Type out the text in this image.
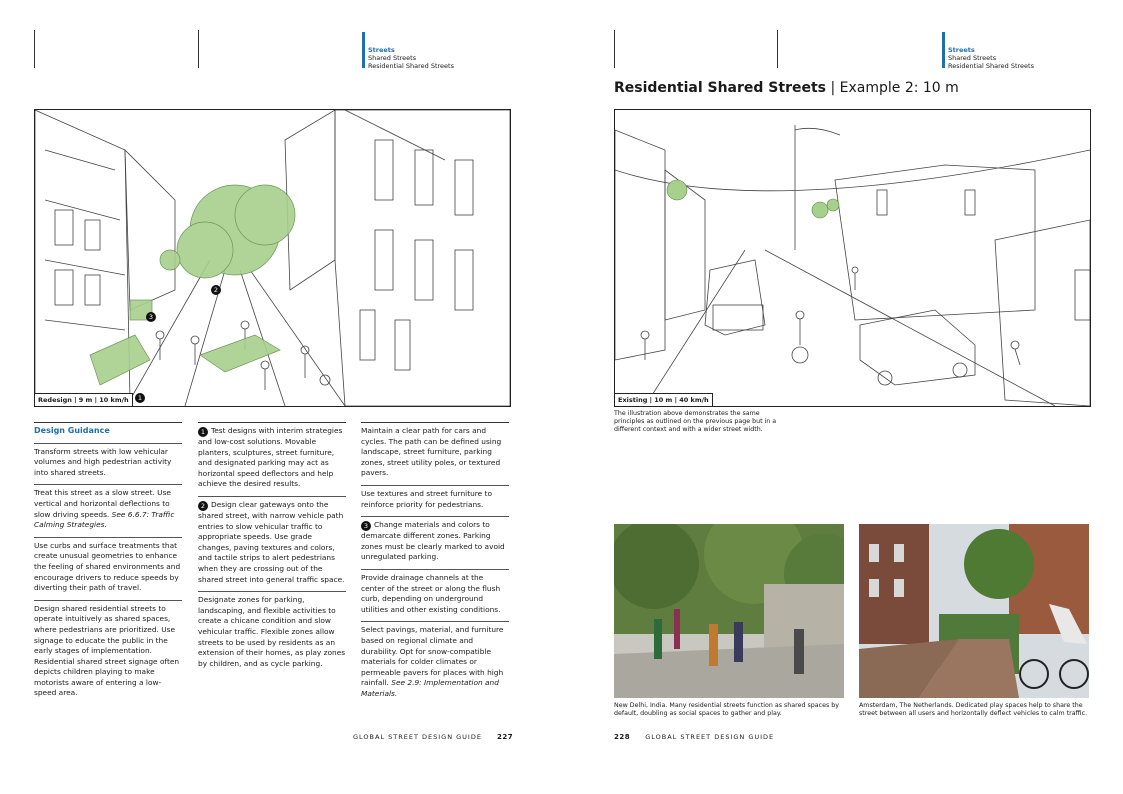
Streets
Shared Streets
Residential Shared Streets
2
3
1
Redesign | 9 m | 10 km/h
Design Guidance
Transform streets with low vehicular volumes and high pedestrian activity into shared streets.
Treat this street as a slow street. Use vertical and horizontal deflections to slow driving speeds. See 6.6.7: Traffic Calming Strategies.
Use curbs and surface treatments that create unusual geometries to enhance the feeling of shared environments and encourage drivers to reduce speeds by diverting their path of travel.
Design shared residential streets to operate intuitively as shared spaces, where pedestrians are prioritized. Use signage to educate the public in the early stages of implementation. Residential shared street signage often depicts children playing to make motorists aware of entering a low-speed area.
1 Test designs with interim strategies and low-cost solutions. Movable planters, sculptures, street furniture, and designated parking may act as horizontal speed deflectors and help achieve the desired results.
2 Design clear gateways onto the shared street, with narrow vehicle path entries to slow vehicular traffic to appropriate speeds. Use grade changes, paving textures and colors, and tactile strips to alert pedestrians when they are crossing out of the shared street into general traffic space.
Designate zones for parking, landscaping, and flexible activities to create a chicane condition and slow vehicular traffic. Flexible zones allow streets to be used by residents as an extension of their homes, as play zones by children, and as cycle parking.
Maintain a clear path for cars and cycles. The path can be defined using landscape, street furniture, parking zones, street utility poles, or textured pavers.
Use textures and street furniture to reinforce priority for pedestrians.
3 Change materials and colors to demarcate different zones. Parking zones must be clearly marked to avoid unregulated parking.
Provide drainage channels at the center of the street or along the flush curb, depending on underground utilities and other existing conditions.
Select pavings, material, and furniture based on regional climate and durability. Opt for snow-compatible materials for colder climates or permeable pavers for places with high rainfall. See 2.9: Implementation and Materials.
GLOBAL STREET DESIGN GUIDE 227
Streets
Shared Streets
Residential Shared Streets
Residential Shared Streets | Example 2: 10 m
Existing | 10 m | 40 km/h
The illustration above demonstrates the same principles as outlined on the previous page but in a different context and with a wider street width.
New Delhi, India. Many residential streets function as shared spaces by default, doubling as social spaces to gather and play.
Amsterdam, The Netherlands. Dedicated play spaces help to share the street between all users and horizontally deflect vehicles to calm traffic.
228 GLOBAL STREET DESIGN GUIDE
